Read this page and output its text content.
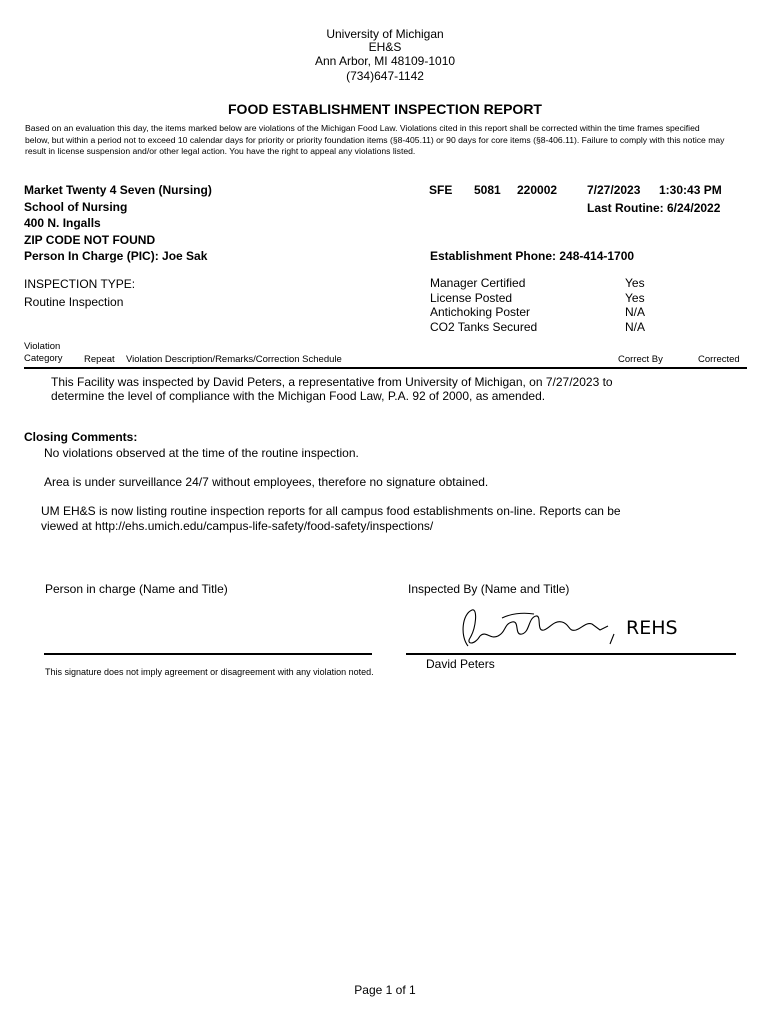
University of Michigan
EH&S
Ann Arbor, MI 48109-1010
(734)647-1142
FOOD ESTABLISHMENT INSPECTION REPORT
Based on an evaluation this day, the items marked below are violations of the Michigan Food Law. Violations cited in this report shall be corrected within the time frames specified below, but within a period not to exceed 10 calendar days for priority or priority foundation items (§8-405.11) or 90 days for core items (§8-406.11). Failure to comply with this notice may result in license suspension and/or other legal action. You have the right to appeal any violations listed.
Market Twenty 4 Seven (Nursing)
School of Nursing
400 N. Ingalls
ZIP CODE NOT FOUND
Person In Charge (PIC): Joe Sak
SFE 5081 220002 7/27/2023 1:30:43 PM
Last Routine: 6/24/2022
Establishment Phone: 248-414-1700
INSPECTION TYPE:
Routine Inspection
Manager Certified	Yes
License Posted	Yes
Antichoking Poster	N/A
CO2 Tanks Secured	N/A
Violation
Category Repeat Violation Description/Remarks/Correction Schedule	Correct By	Corrected
This Facility was inspected by David Peters, a representative from University of Michigan, on 7/27/2023 to
determine the level of compliance with the Michigan Food Law, P.A. 92 of 2000, as amended.
Closing Comments:
No violations observed at the time of the routine inspection.
Area is under surveillance 24/7 without employees, therefore no signature obtained.
UM EH&S is now listing routine inspection reports for all campus food establishments on-line. Reports can be
viewed at http://ehs.umich.edu/campus-life-safety/food-safety/inspections/
Person in charge (Name and Title)	Inspected By (Name and Title)
REHS
David Peters
This signature does not imply agreement or disagreement with any violation noted.
Page 1 of 1
